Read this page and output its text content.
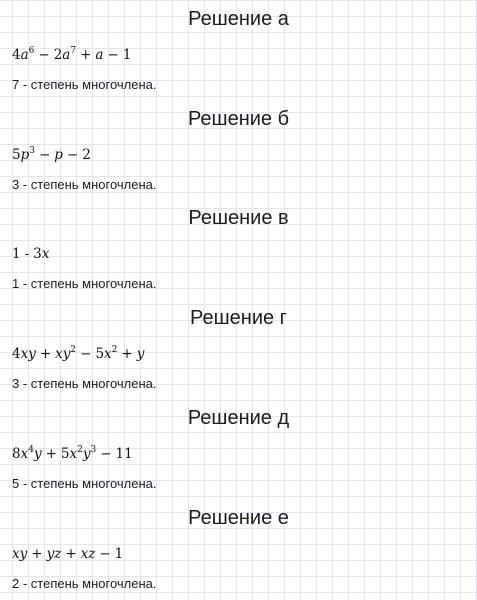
Решение а
$4a^6 - 2a^7 + a - 1$
7 - степень многочлена.
Решение б
$5p^3 - p - 2$
3 - степень многочлена.
Решение в
1 - 3x
1 - степень многочлена.
Решение г
$4xy + xy^2 - 5x^2 + y$
3 - степень многочлена.
Решение д
$8x^4y + 5x^2y^3 - 11$
5 - степень многочлена.
Решение е
xy + yz + xz − 1
2 - степень многочлена.
